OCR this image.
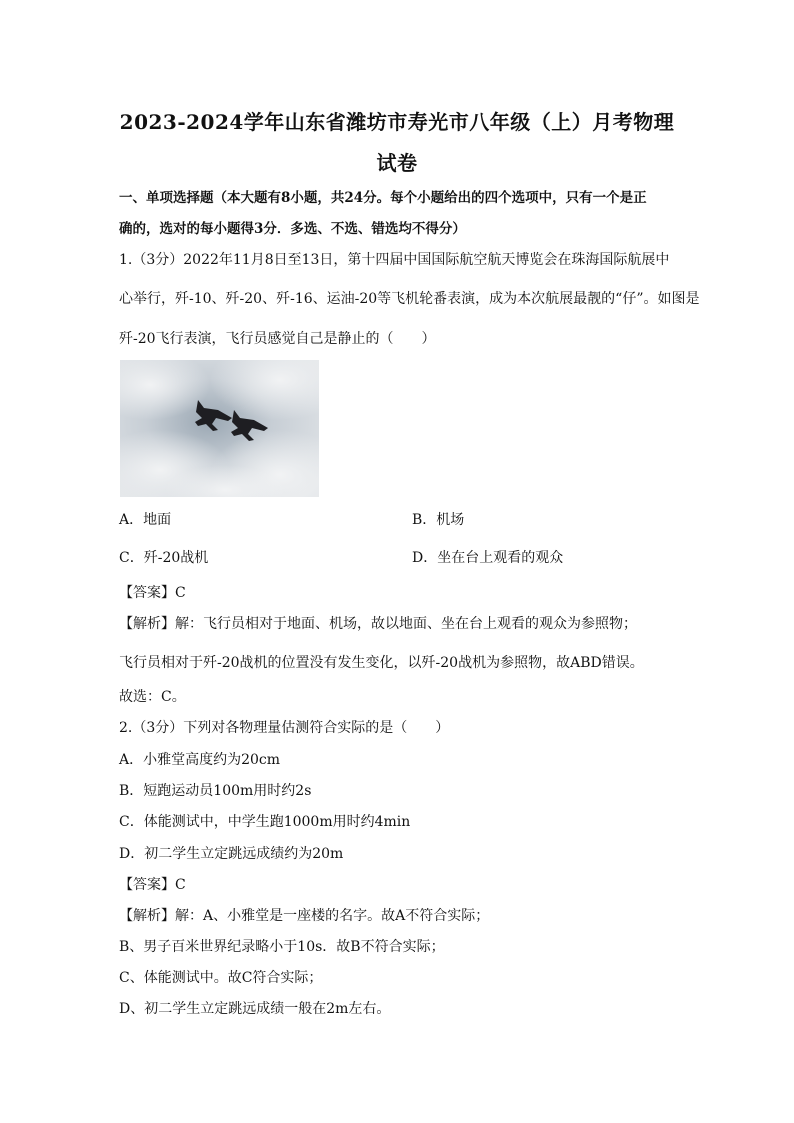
2023-2024学年山东省潍坊市寿光市八年级（上）月考物理
试卷
一、单项选择题（本大题有8小题，共24分。每个小题给出的四个选项中，只有一个是正
确的，选对的每小题得3分．多选、不选、错选均不得分）
1.（3分）2022年11月8日至13日，第十四届中国国际航空航天博览会在珠海国际航展中
心举行，歼-10、歼-20、歼-16、运油-20等飞机轮番表演，成为本次航展最靓的“仔”。如图是
歼-20飞行表演，飞行员感觉自己是静止的（　　）
A．地面	B．机场
C．歼-20战机	D．坐在台上观看的观众
【答案】C
【解析】解：飞行员相对于地面、机场，故以地面、坐在台上观看的观众为参照物；
飞行员相对于歼-20战机的位置没有发生变化，以歼-20战机为参照物，故ABD错误。
故选：C。
2.（3分）下列对各物理量估测符合实际的是（　　）
A．小雅堂高度约为20cm
B．短跑运动员100m用时约2s
C．体能测试中，中学生跑1000m用时约4min
D．初二学生立定跳远成绩约为20m
【答案】C
【解析】解：A、小雅堂是一座楼的名字。故A不符合实际；
B、男子百米世界纪录略小于10s．故B不符合实际；
C、体能测试中。故C符合实际；
D、初二学生立定跳远成绩一般在2m左右。
